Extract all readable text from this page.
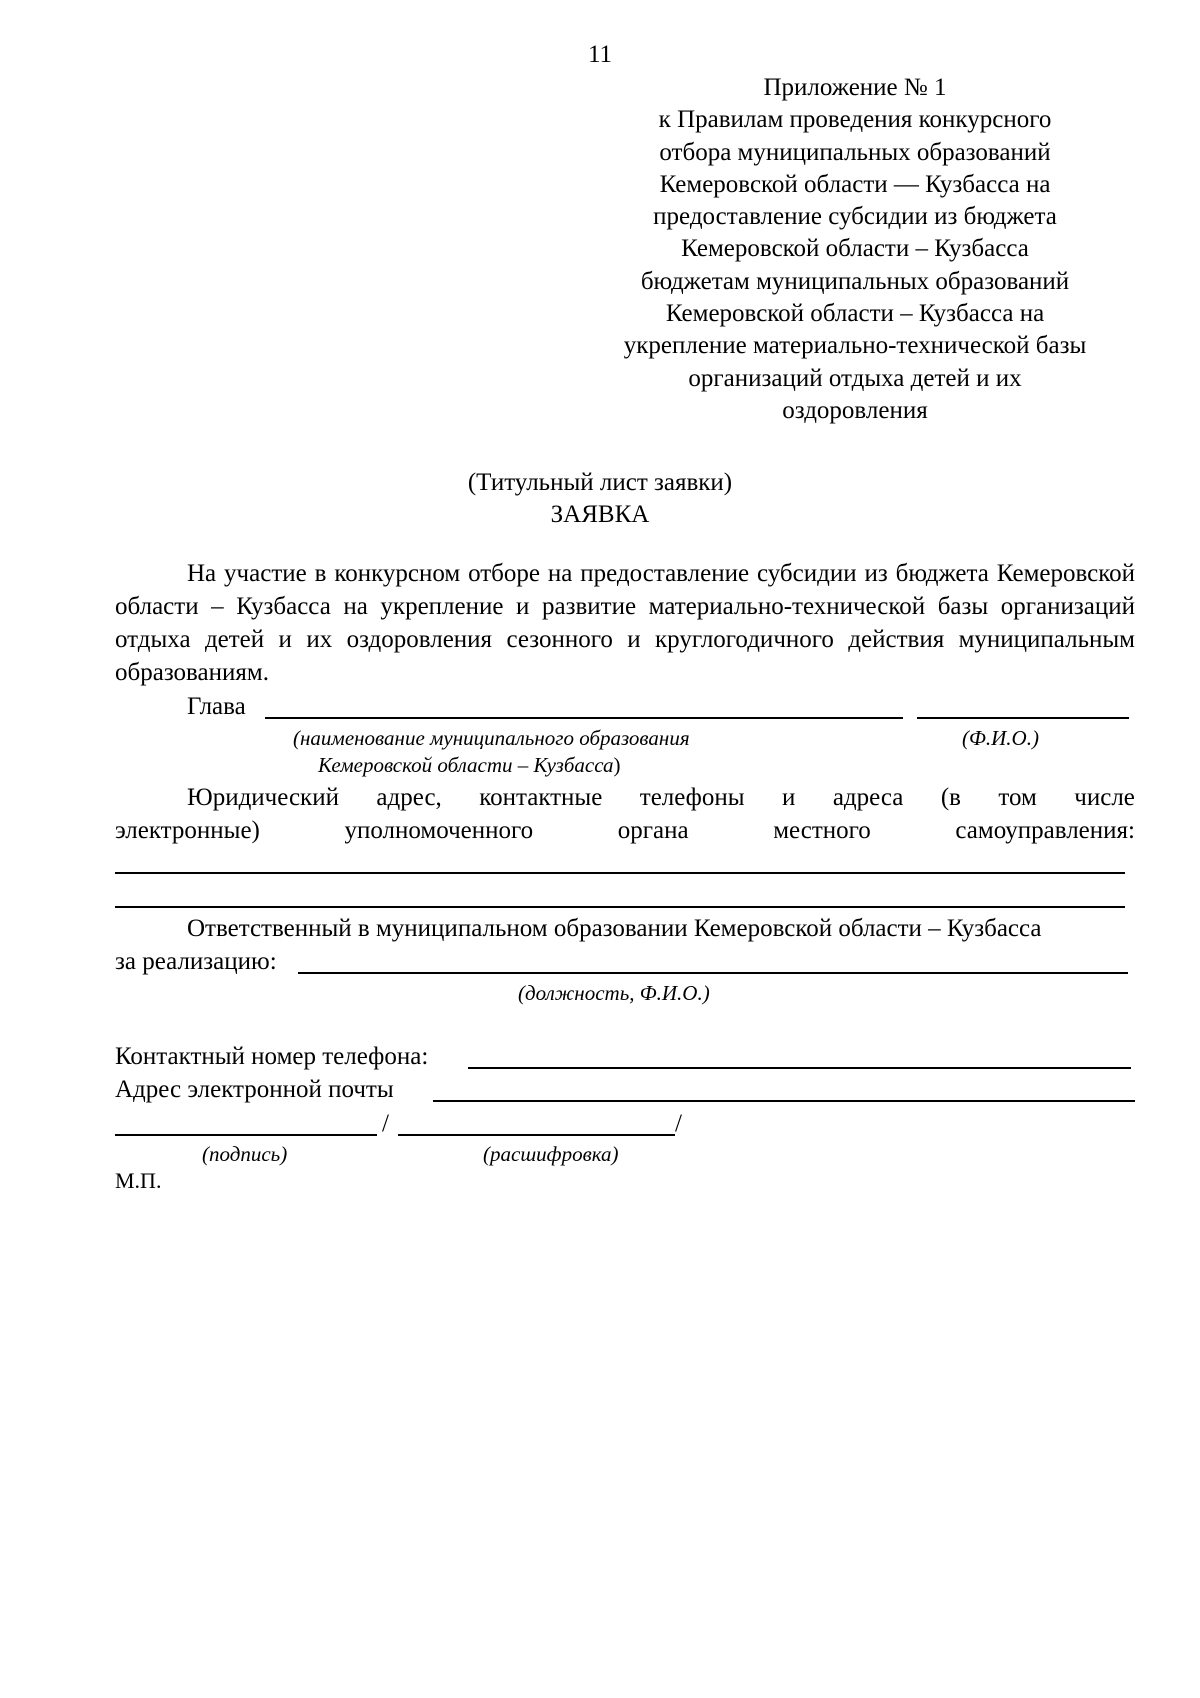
11
Приложение № 1
к Правилам проведения конкурсного
отбора муниципальных образований
Кемеровской области — Кузбасса на
предоставление субсидии из бюджета
Кемеровской области – Кузбасса
бюджетам муниципальных образований
Кемеровской области – Кузбасса на
укрепление материально-технической базы
организаций отдыха детей и их
оздоровления
(Титульный лист заявки)
ЗАЯВКА
На участие в конкурсном отборе на предоставление субсидии из бюджета Кемеровской области – Кузбасса на укрепление и развитие материально-технической базы организаций отдыха детей и их оздоровления сезонного и круглогодичного действия муниципальным образованиям.
Глава
(наименование муниципального образования	(Ф.И.О.)
Кемеровской области – Кузбасса)
Юридический адрес, контактные телефоны и адреса (в том числе
электронные)	уполномоченного	органа	местного	самоуправления:
Ответственный в муниципальном образовании Кемеровской области – Кузбасса
за реализацию:
(должность, Ф.И.О.)
Контактный номер телефона:
Адрес электронной почты
/	/
(подпись)	(расшифровка)
М.П.
